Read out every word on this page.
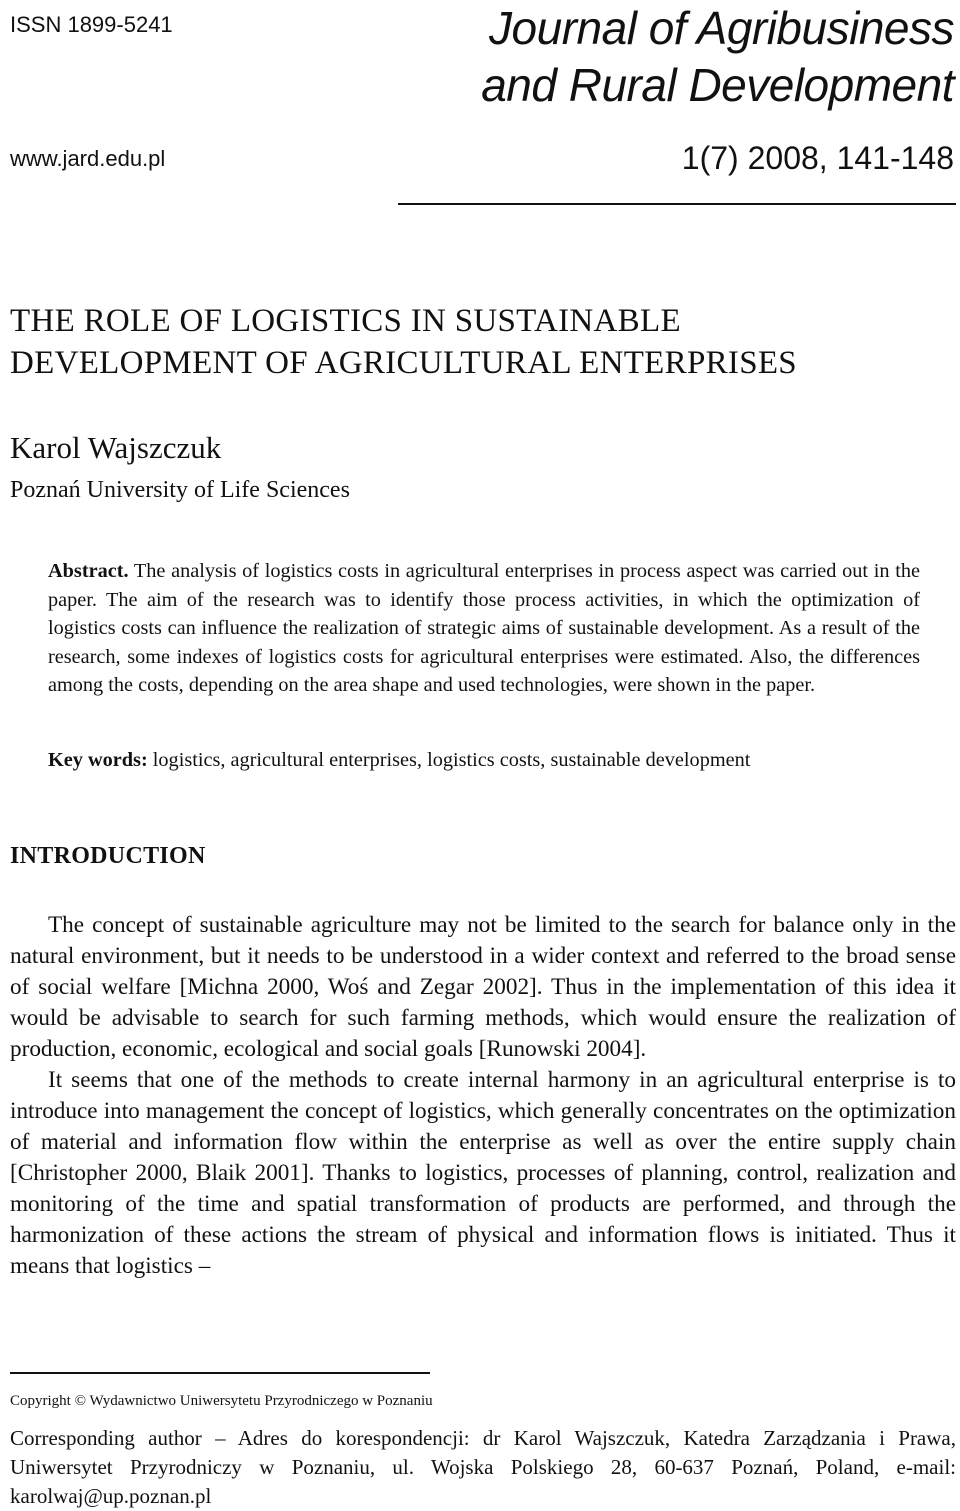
ISSN 1899-5241	Journal of Agribusiness
and Rural Development
www.jard.edu.pl	1(7) 2008, 141-148
THE ROLE OF LOGISTICS IN SUSTAINABLE
DEVELOPMENT OF AGRICULTURAL ENTERPRISES
Karol Wajszczuk
Poznań University of Life Sciences
Abstract. The analysis of logistics costs in agricultural enterprises in process aspect was carried out in the paper. The aim of the research was to identify those process activities, in which the optimization of logistics costs can influence the realization of strategic aims of sustainable development. As a result of the research, some indexes of logistics costs for agricultural enterprises were estimated. Also, the differences among the costs, depending on the area shape and used technologies, were shown in the paper.
Key words: logistics, agricultural enterprises, logistics costs, sustainable development
INTRODUCTION

The concept of sustainable agriculture may not be limited to the search for balance only in the natural environment, but it needs to be understood in a wider context and referred to the broad sense of social welfare [Michna 2000, Woś and Zegar 2002]. Thus in the implementation of this idea it would be advisable to search for such farming methods, which would ensure the realization of production, economic, ecological and social goals [Runowski 2004].

It seems that one of the methods to create internal harmony in an agricultural enterprise is to introduce into management the concept of logistics, which generally concentrates on the optimization of material and information flow within the enterprise as well as over the entire supply chain [Christopher 2000, Blaik 2001]. Thanks to logistics, processes of planning, control, realization and monitoring of the time and spatial transformation of products are performed, and through the harmonization of these actions the stream of physical and information flows is initiated. Thus it means that logistics –

Copyright © Wydawnictwo Uniwersytetu Przyrodniczego w Poznaniu
Corresponding author – Adres do korespondencji: dr Karol Wajszczuk, Katedra Zarządzania i Prawa, Uniwersytet Przyrodniczy w Poznaniu, ul. Wojska Polskiego 28, 60-637 Poznań, Poland, e-mail: karolwaj@up.poznan.pl
